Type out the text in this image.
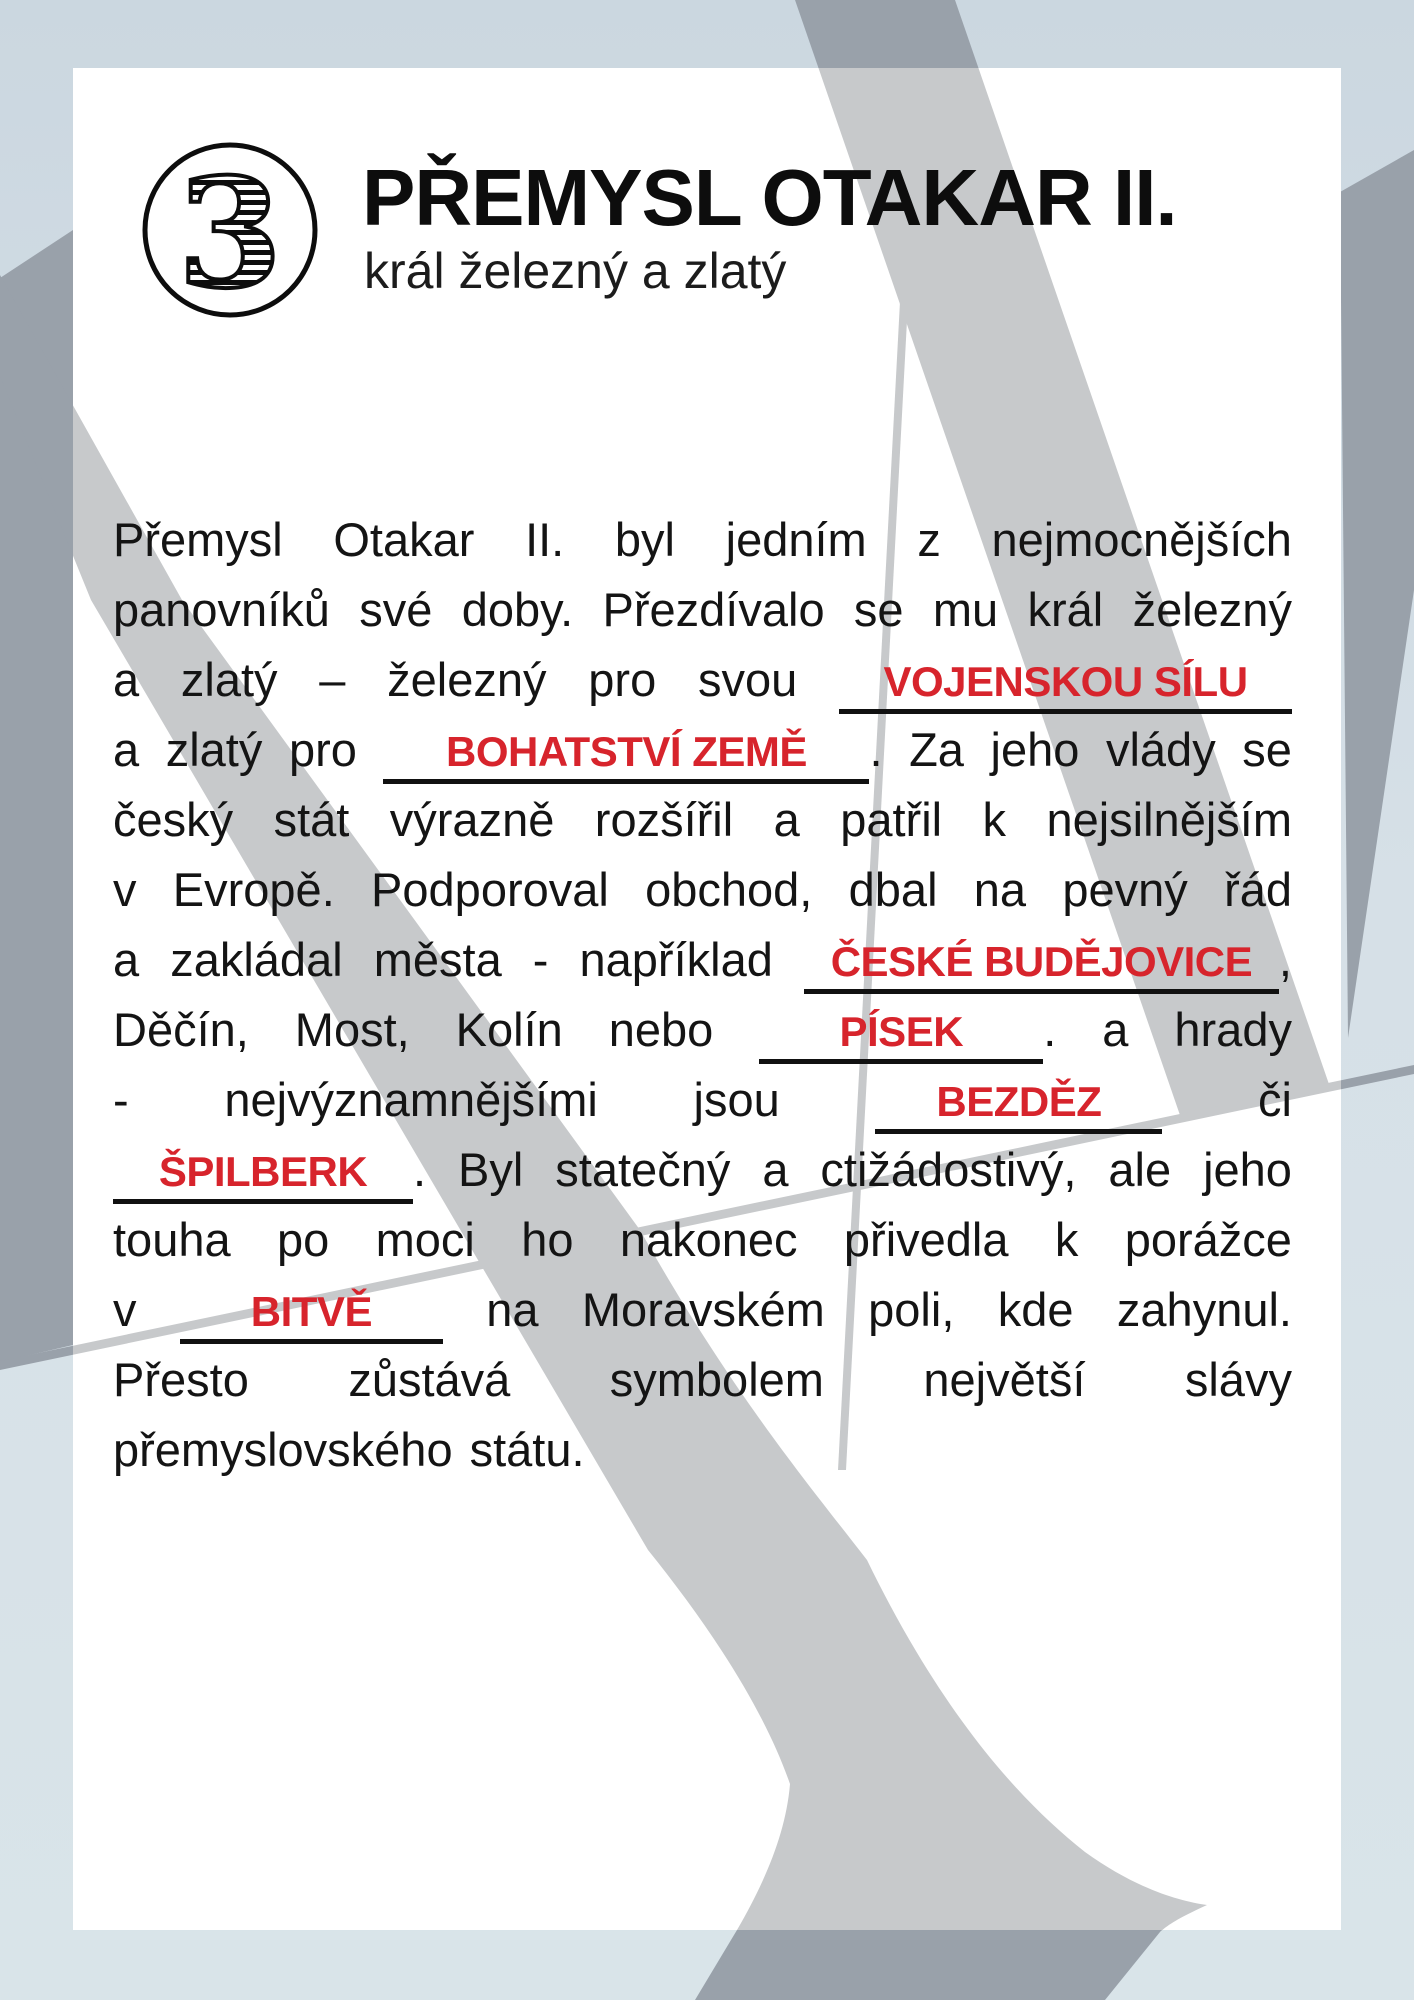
3 PŘEMYSL OTAKAR II.
král železný a zlatý
Přemysl Otakar II. byl jedním z nejmocnějších
panovníků své doby. Přezdívalo se mu král železný
a zlatý – železný pro svou	VOJENSKOU SÍLU
a zlatý pro	BOHATSTVÍ ZEMĚ	. Za jeho vlády se
český stát výrazně rozšířil a patřil k nejsilnějším
v Evropě. Podporoval obchod, dbal na pevný řád
a zakládal města - například	ČESKÉ BUDĚJOVICE ,
Děčín, Most, Kolín nebo	PÍSEK	. a hrady
- nejvýznamnějšími jsou	BEZDĚZ	či
ŠPILBERK . Byl statečný a ctižádostivý, ale jeho
touha po moci ho nakonec přivedla k porážce
v	BITVĚ	na Moravském poli, kde zahynul.
Přesto zůstává symbolem největší slávy
přemyslovského státu.
